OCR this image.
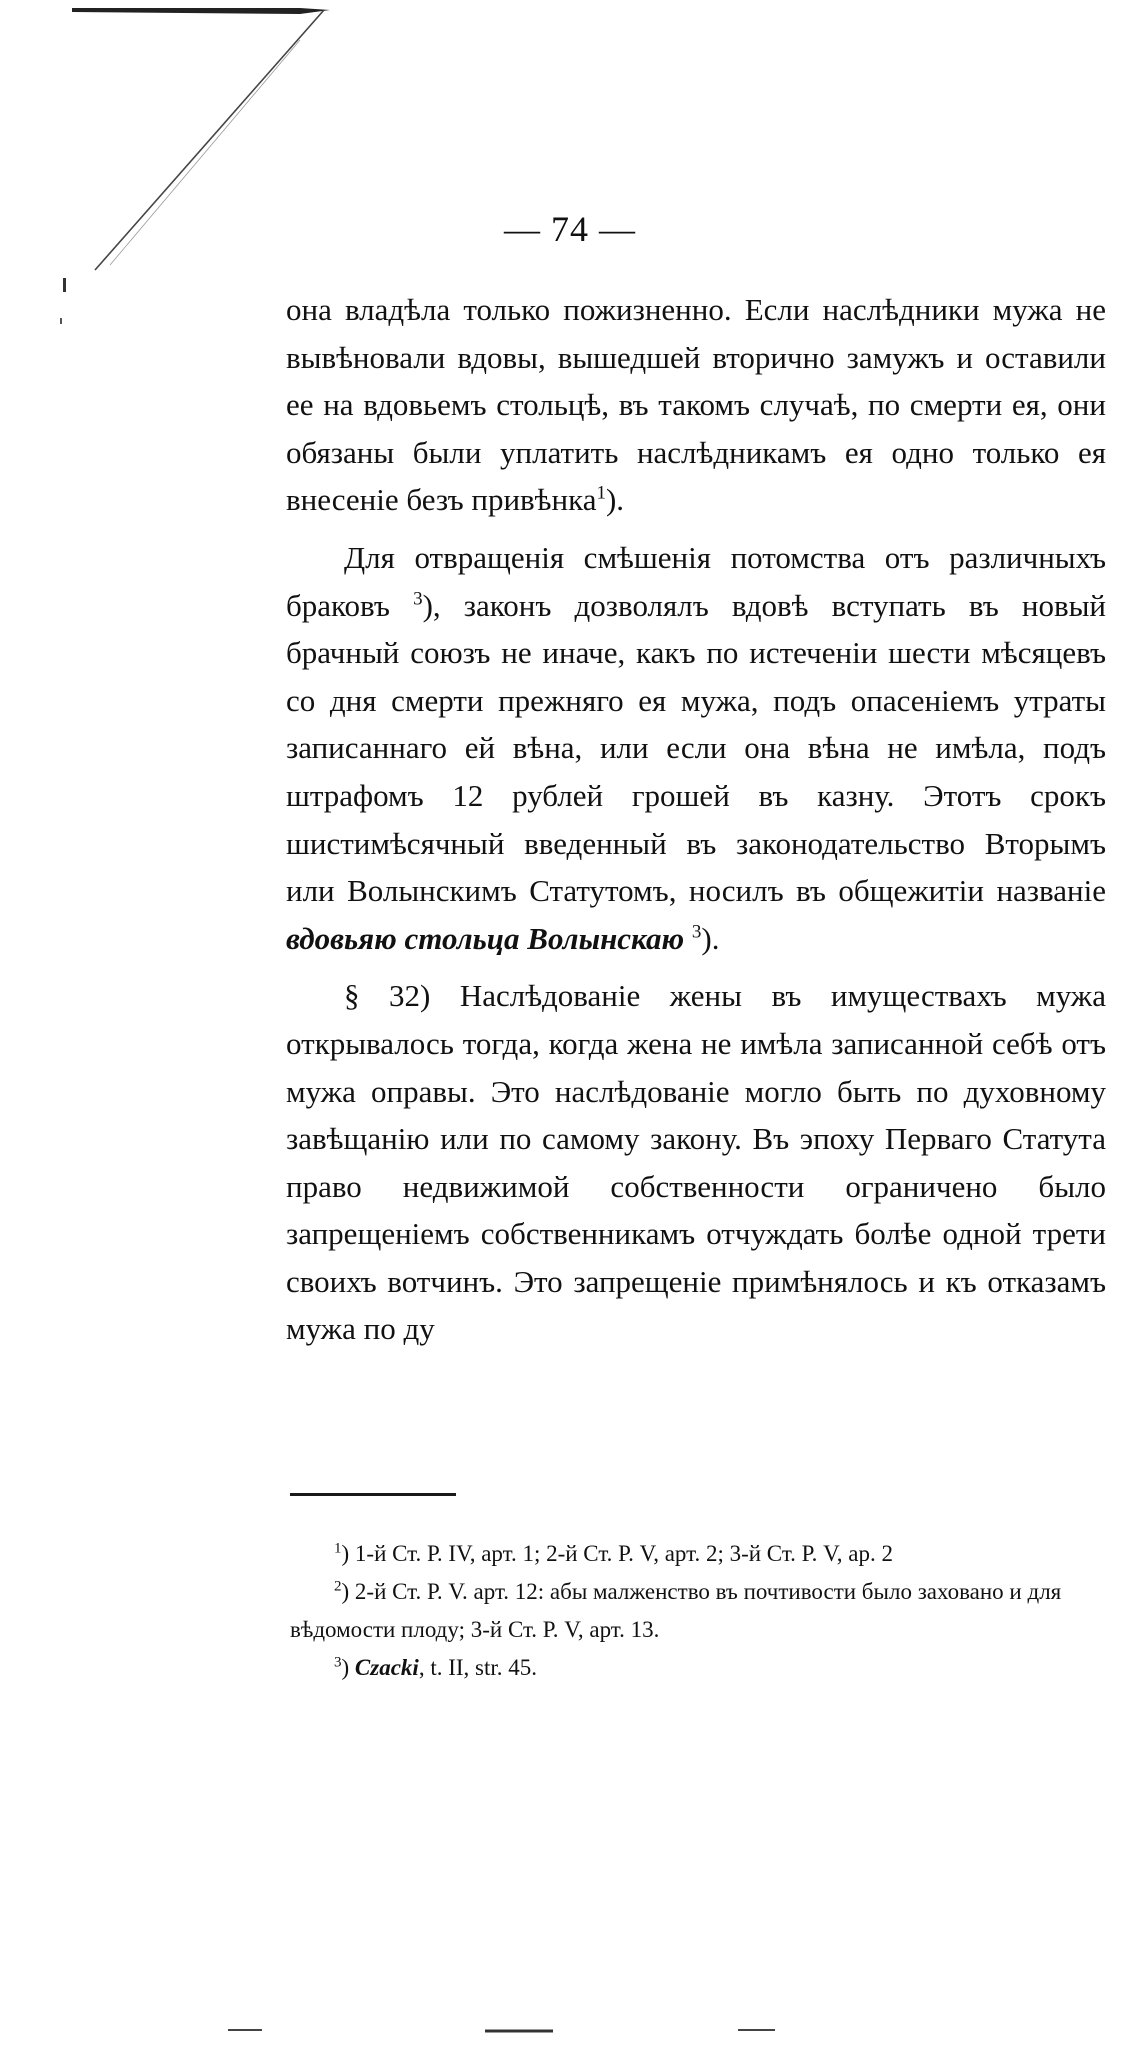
— 74 —

она владѣла только пожизненно. Если наслѣдники мужа не вывѣновали вдовы, вышедшей вторично замужъ и оставили ее на вдовьемъ стольцѣ, въ такомъ случаѣ, по смерти ея, они обязаны были уплатить наслѣдникамъ ея одно только ея внесеніе безъ привѣнка$^1$).

Для отвращенія смѣшенія потомства отъ различныхъ браковъ $^3$), законъ дозволялъ вдовѣ вступать въ новый брачный союзъ не иначе, какъ по истеченіи шести мѣсяцевъ со дня смерти прежняго ея мужа, подъ опасеніемъ утраты записаннаго ей вѣна, или если она вѣна не имѣла, подъ штрафомъ 12 рублей грошей въ казну. Этотъ срокъ шистимѣсячный введенный въ законодательство Вторымъ или Волынскимъ Статутомъ, носилъ въ общежитіи названіе вдовьяю стольца Волынскаю $^3$).

§ 32) Наслѣдованіе жены въ имуществахъ мужа открывалось тогда, когда жена не имѣла записанной себѣ отъ мужа оправы. Это наслѣдованіе могло быть по духовному завѣщанію или по самому закону. Въ эпоху Перваго Статута право недвижимой собственности ограничено было запрещеніемъ собственникамъ отчуждать болѣе одной трети своихъ вотчинъ. Это запрещеніе примѣнялось и къ отказамъ мужа по ду

$^1$) 1-й Ст. Р. IV, арт. 1; 2-й Ст. Р. V, арт. 2; 3-й Ст. Р. V, ар. 2

$^2$) 2-й Ст. Р. V. арт. 12: абы малженство въ почтивости было заховано и для вѣдомости плоду; 3-й Ст. Р. V, арт. 13.

$^3$) Czacki, t. II, str. 45.
